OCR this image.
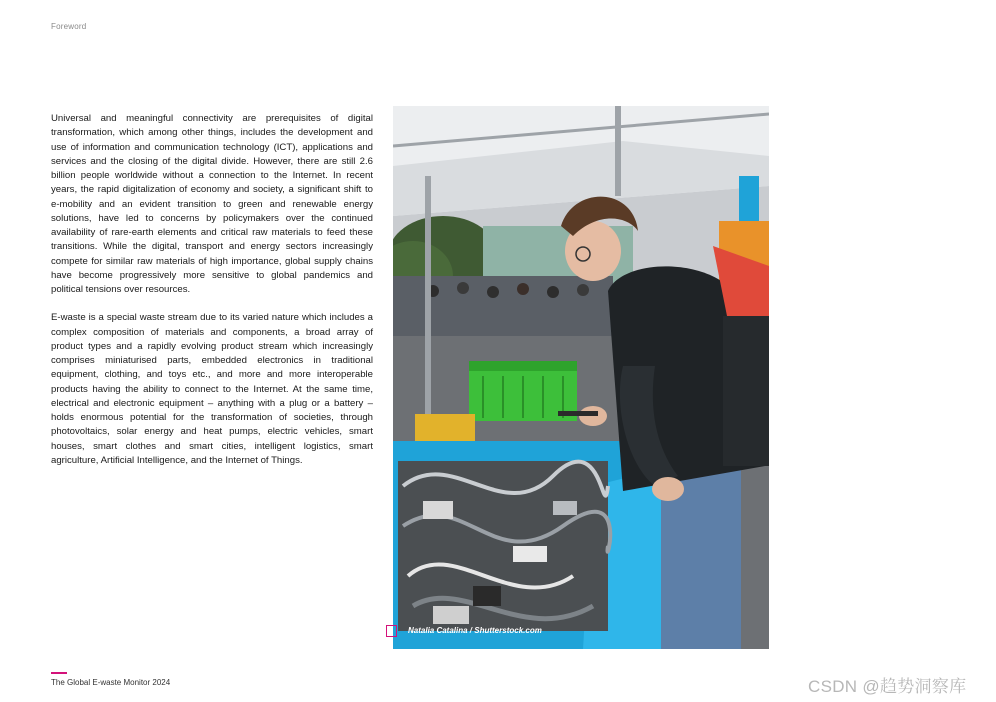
Foreword

Universal and meaningful connectivity are prerequisites of digital transformation, which among other things, includes the development and use of information and communication technology (ICT), applications and services and the closing of the digital divide. However, there are still 2.6 billion people worldwide without a connection to the Internet. In recent years, the rapid digitalization of economy and society, a significant shift to e-mobility and an evident transition to green and renewable energy solutions, have led to concerns by policymakers over the continued availability of rare-earth elements and critical raw materials to feed these transitions. While the digital, transport and energy sectors increasingly compete for similar raw materials of high importance, global supply chains have become progressively more sensitive to global pandemics and political tensions over resources.

E-waste is a special waste stream due to its varied nature which includes a complex composition of materials and components, a broad array of product types and a rapidly evolving product stream which increasingly comprises miniaturised parts, embedded electronics in traditional equipment, clothing, and toys etc., and more and more interoperable products having the ability to connect to the Internet. At the same time, electrical and electronic equipment – anything with a plug or a battery – holds enormous potential for the transformation of societies, through photovoltaics, solar energy and heat pumps, electric vehicles, smart houses, smart clothes and smart cities, intelligent logistics, smart agriculture, Artificial Intelligence, and the Internet of Things.

Natalia Catalina / Shutterstock.com
The Global E-waste Monitor 2024	CSDN @趋势洞察库
